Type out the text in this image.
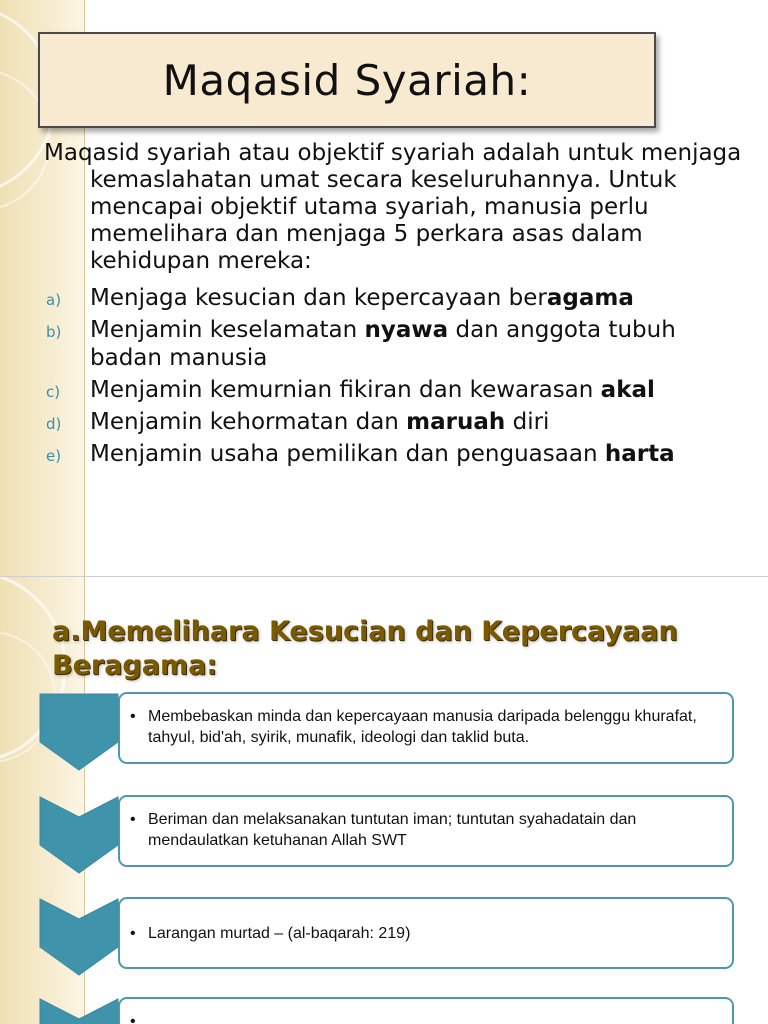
Maqasid Syariah:
Maqasid syariah atau objektif syariah adalah untuk menjaga kemaslahatan umat secara keseluruhannya. Untuk mencapai objektif utama syariah, manusia perlu memelihara dan menjaga 5 perkara asas dalam kehidupan mereka:
a) Menjaga kesucian dan kepercayaan beragama
b) Menjamin keselamatan nyawa dan anggota tubuh badan manusia
c) Menjamin kemurnian fikiran dan kewarasan akal
d) Menjamin kehormatan dan maruah diri
e) Menjamin usaha pemilikan dan penguasaan harta
a.Memelihara Kesucian dan Kepercayaan
Beragama:
• Membebaskan minda dan kepercayaan manusia daripada belenggu khurafat, tahyul, bid'ah, syirik, munafik, ideologi dan taklid buta.
• Beriman dan melaksanakan tuntutan iman; tuntutan syahadatain dan mendaulatkan ketuhanan Allah SWT
• Larangan murtad – (al-baqarah: 219)
